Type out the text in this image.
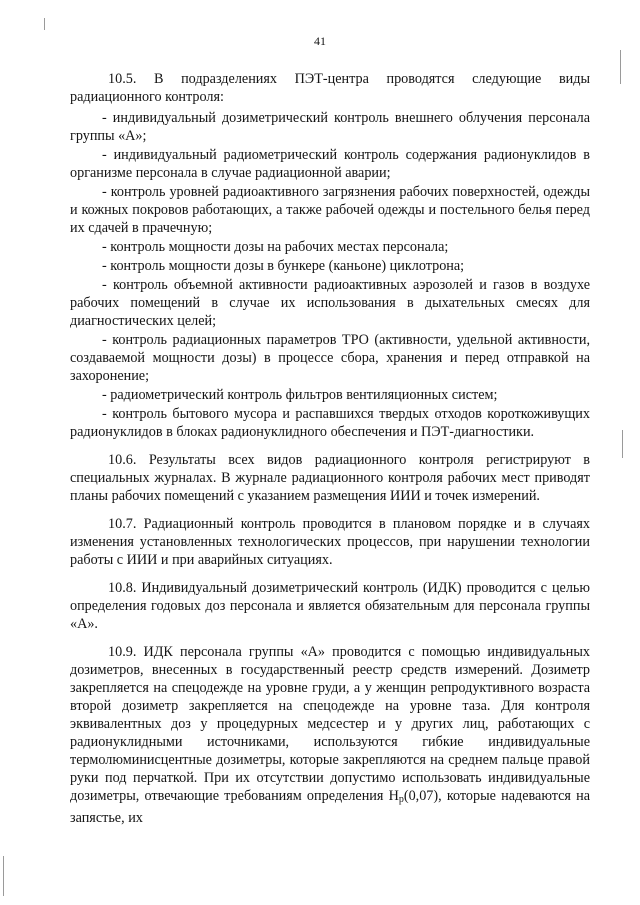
41

10.5. В подразделениях ПЭТ-центра проводятся следующие виды радиационного контроля:

- индивидуальный дозиметрический контроль внешнего облучения персонала группы «А»;

- индивидуальный радиометрический контроль содержания радионуклидов в организме персонала в случае радиационной аварии;

- контроль уровней радиоактивного загрязнения рабочих поверхностей, одежды и кожных покровов работающих, а также рабочей одежды и постельного белья перед их сдачей в прачечную;

- контроль мощности дозы на рабочих местах персонала;

- контроль мощности дозы в бункере (каньоне) циклотрона;

- контроль объемной активности радиоактивных аэрозолей и газов в воздухе рабочих помещений в случае их использования в дыхательных смесях для диагностических целей;

- контроль радиационных параметров ТРО (активности, удельной активности, создаваемой мощности дозы) в процессе сбора, хранения и перед отправкой на захоронение;

- радиометрический контроль фильтров вентиляционных систем;

- контроль бытового мусора и распавшихся твердых отходов короткоживущих радионуклидов в блоках радионуклидного обеспечения и ПЭТ-диагностики.

10.6. Результаты всех видов радиационного контроля регистрируют в специальных журналах. В журнале радиационного контроля рабочих мест приводят планы рабочих помещений с указанием размещения ИИИ и точек измерений.

10.7. Радиационный контроль проводится в плановом порядке и в случаях изменения установленных технологических процессов, при нарушении технологии работы с ИИИ и при аварийных ситуациях.

10.8. Индивидуальный дозиметрический контроль (ИДК) проводится с целью определения годовых доз персонала и является обязательным для персонала группы «А».

10.9. ИДК персонала группы «А» проводится с помощью индивидуальных дозиметров, внесенных в государственный реестр средств измерений. Дозиметр закрепляется на спецодежде на уровне груди, а у женщин репродуктивного возраста второй дозиметр закрепляется на спецодежде на уровне таза. Для контроля эквивалентных доз у процедурных медсестер и у других лиц, работающих с радионуклидными источниками, используются гибкие индивидуальные термолюминисцентные дозиметры, которые закрепляются на среднем пальце правой руки под перчаткой. При их отсутствии допустимо использовать индивидуальные дозиметры, отвечающие требованиям определения $H_p(0,07)$, которые надеваются на запястье, их
